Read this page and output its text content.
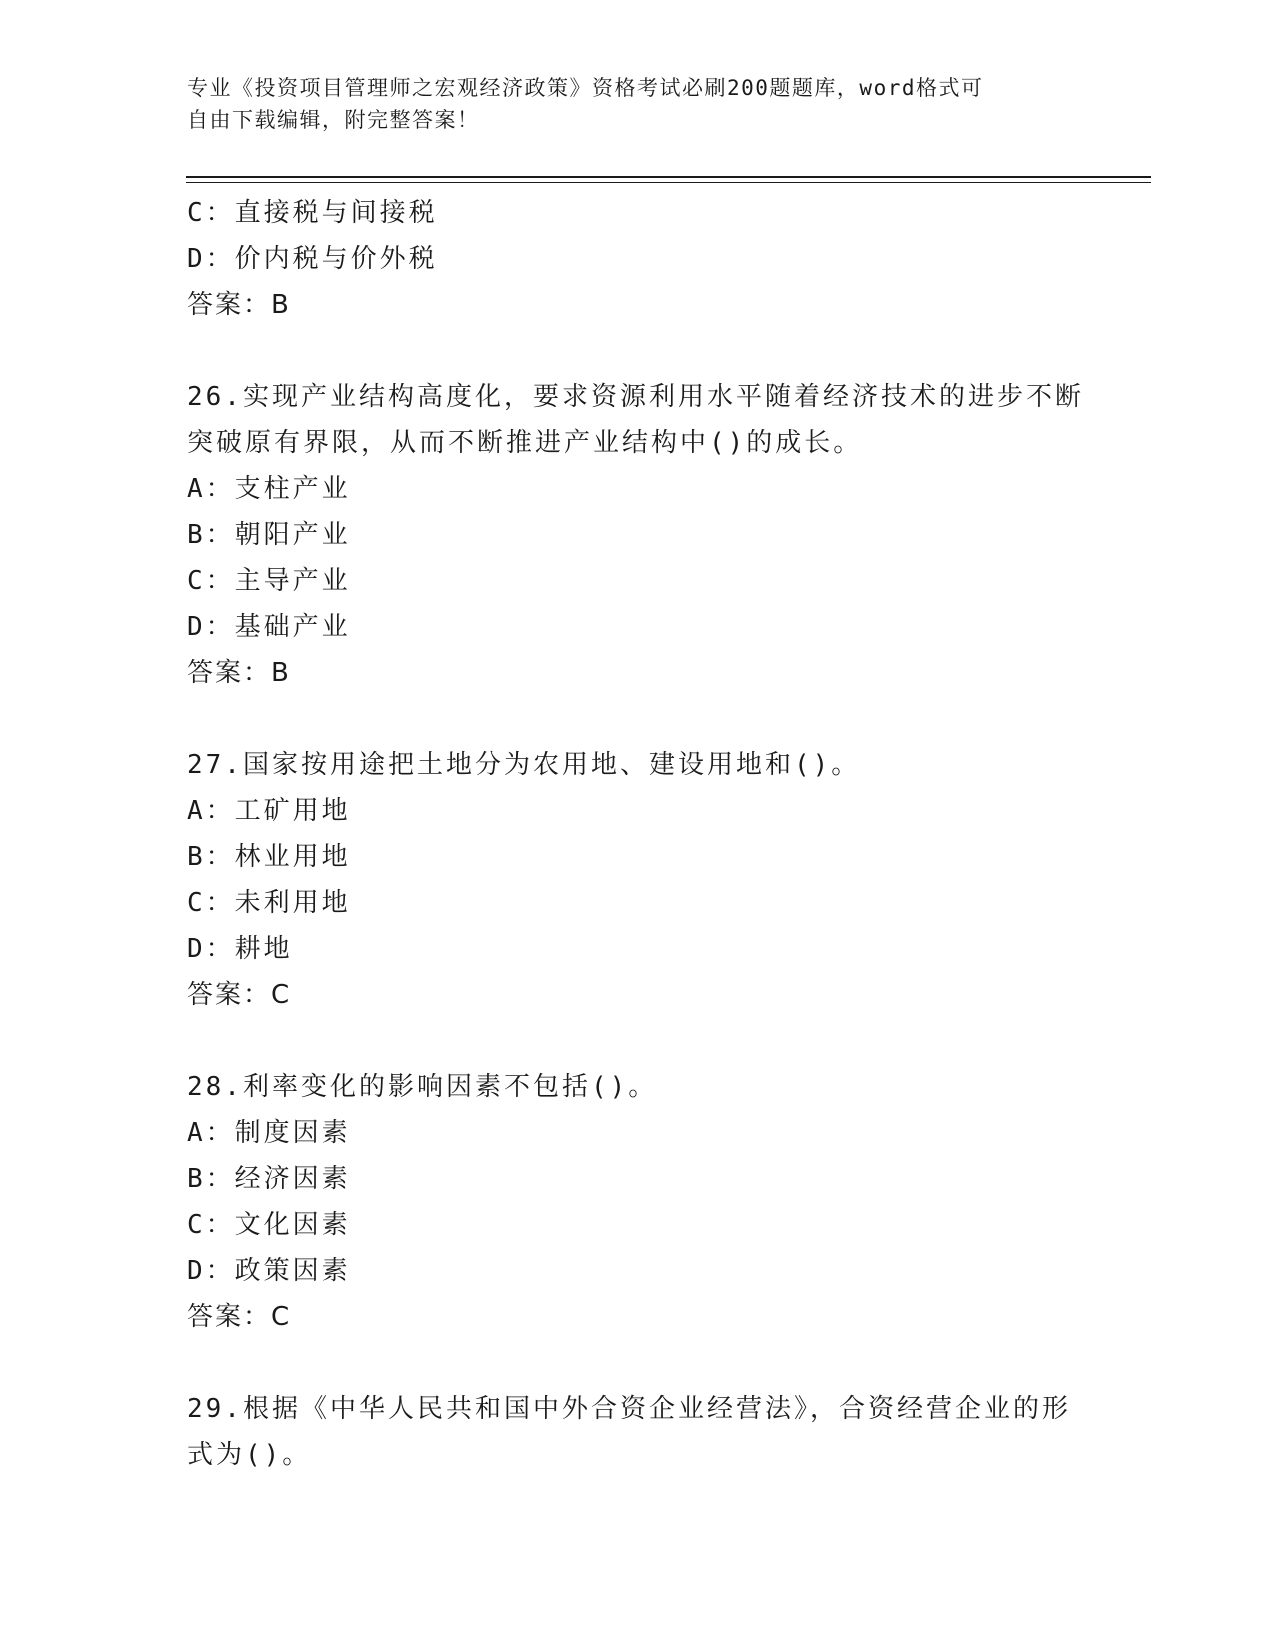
专业《投资项目管理师之宏观经济政策》资格考试必刷200题题库，word格式可
自由下载编辑，附完整答案！
C：直接税与间接税
D：价内税与价外税
答案：B
26.实现产业结构高度化，要求资源利用水平随着经济技术的进步不断
突破原有界限，从而不断推进产业结构中()的成长。
A：支柱产业
B：朝阳产业
C：主导产业
D：基础产业
答案：B
27.国家按用途把土地分为农用地、建设用地和()。
A：工矿用地
B：林业用地
C：未利用地
D：耕地
答案：C
28.利率变化的影响因素不包括()。
A：制度因素
B：经济因素
C：文化因素
D：政策因素
答案：C
29.根据《中华人民共和国中外合资企业经营法》，合资经营企业的形
式为()。
